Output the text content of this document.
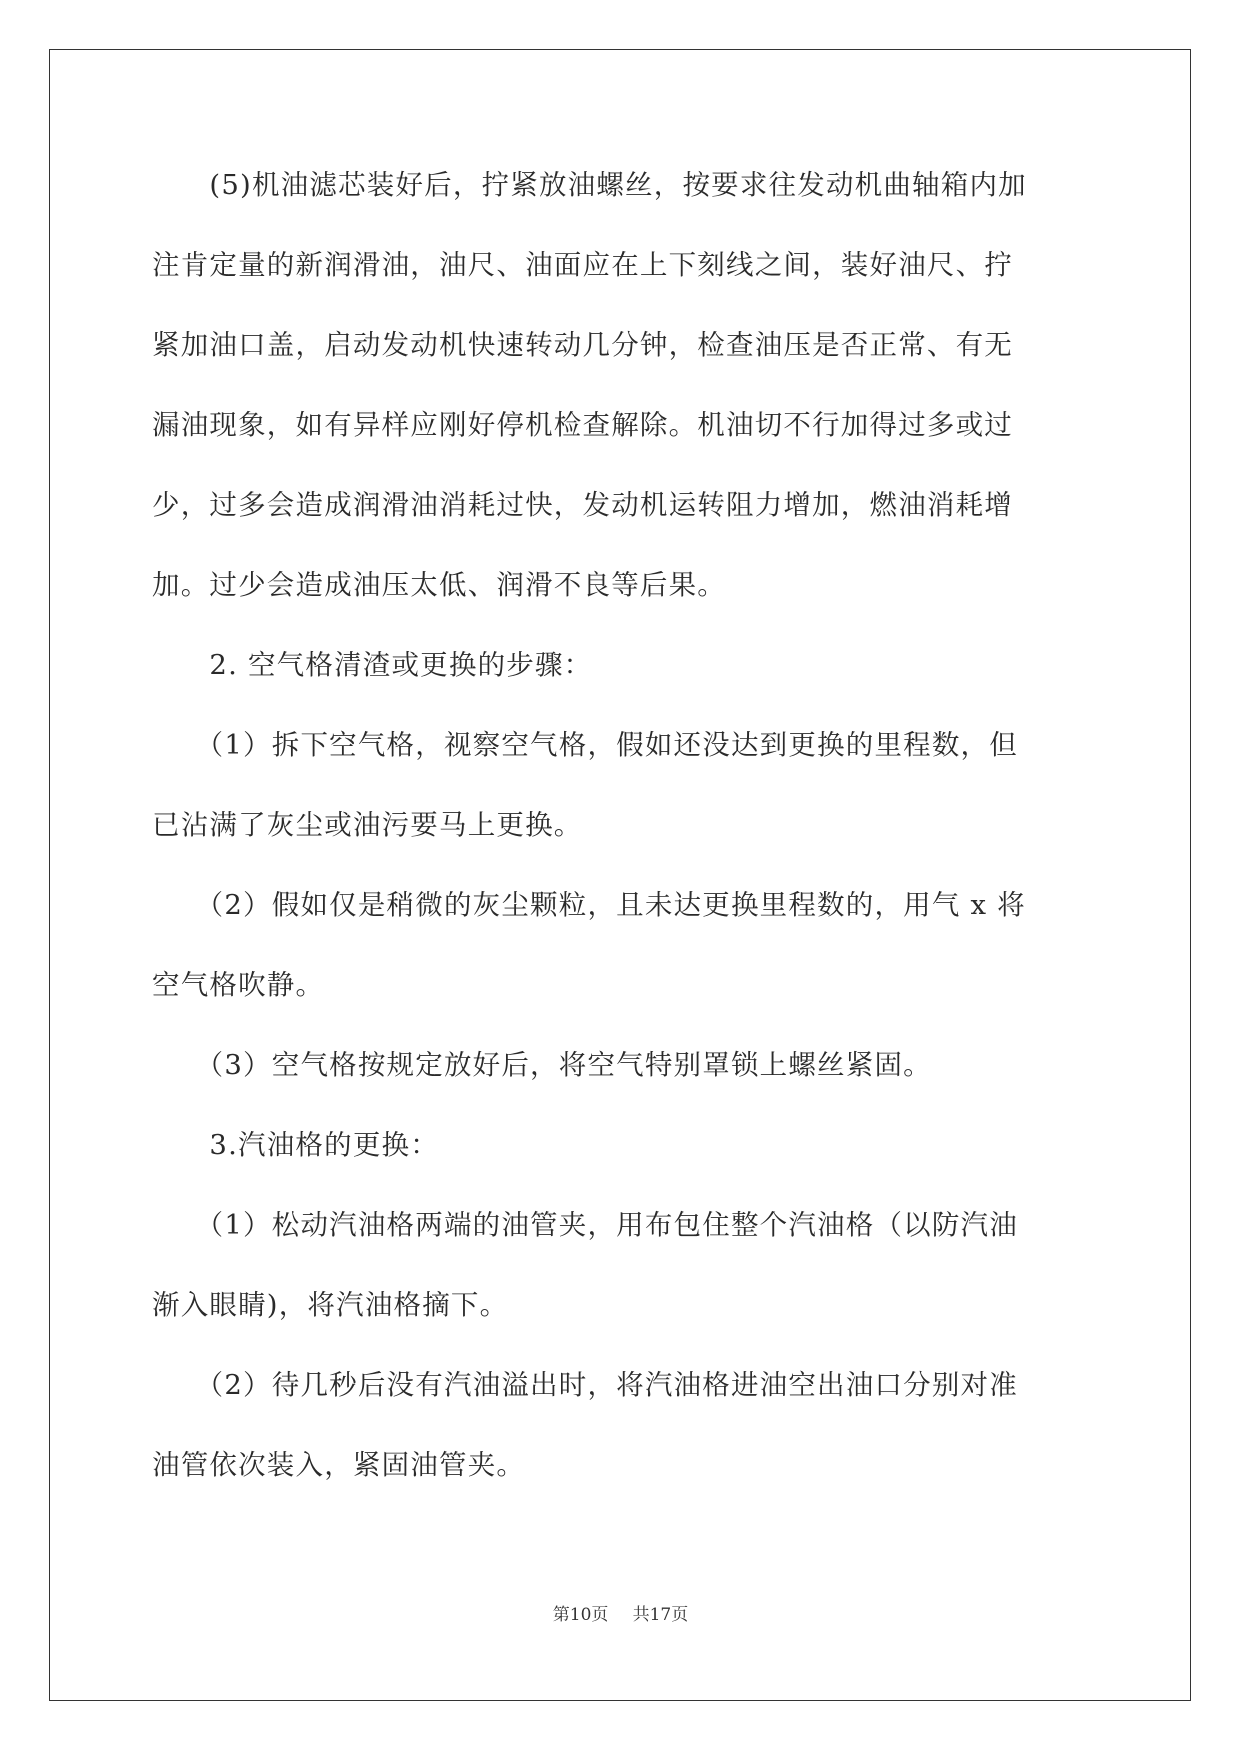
　　(5)机油滤芯装好后，拧紧放油螺丝，按要求往发动机曲轴箱内加
注肯定量的新润滑油，油尺、油面应在上下刻线之间，装好油尺、拧
紧加油口盖，启动发动机快速转动几分钟，检查油压是否正常、有无
漏油现象，如有异样应刚好停机检查解除。机油切不行加得过多或过
少，过多会造成润滑油消耗过快，发动机运转阻力增加，燃油消耗增
加。过少会造成油压太低、润滑不良等后果。
　　2. 空气格清渣或更换的步骤：
　　（1）拆下空气格，视察空气格，假如还没达到更换的里程数，但
已沾满了灰尘或油污要马上更换。
　　（2）假如仅是稍微的灰尘颗粒，且未达更换里程数的，用气 x 将
空气格吹静。
　　（3）空气格按规定放好后，将空气特别罩锁上螺丝紧固。
　　3.汽油格的更换：
　　（1）松动汽油格两端的油管夹，用布包住整个汽油格（以防汽油
渐入眼睛)，将汽油格摘下。
　　（2）待几秒后没有汽油溢出时，将汽油格进油空出油口分别对准
油管依次装入，紧固油管夹。
第10页 共17页
